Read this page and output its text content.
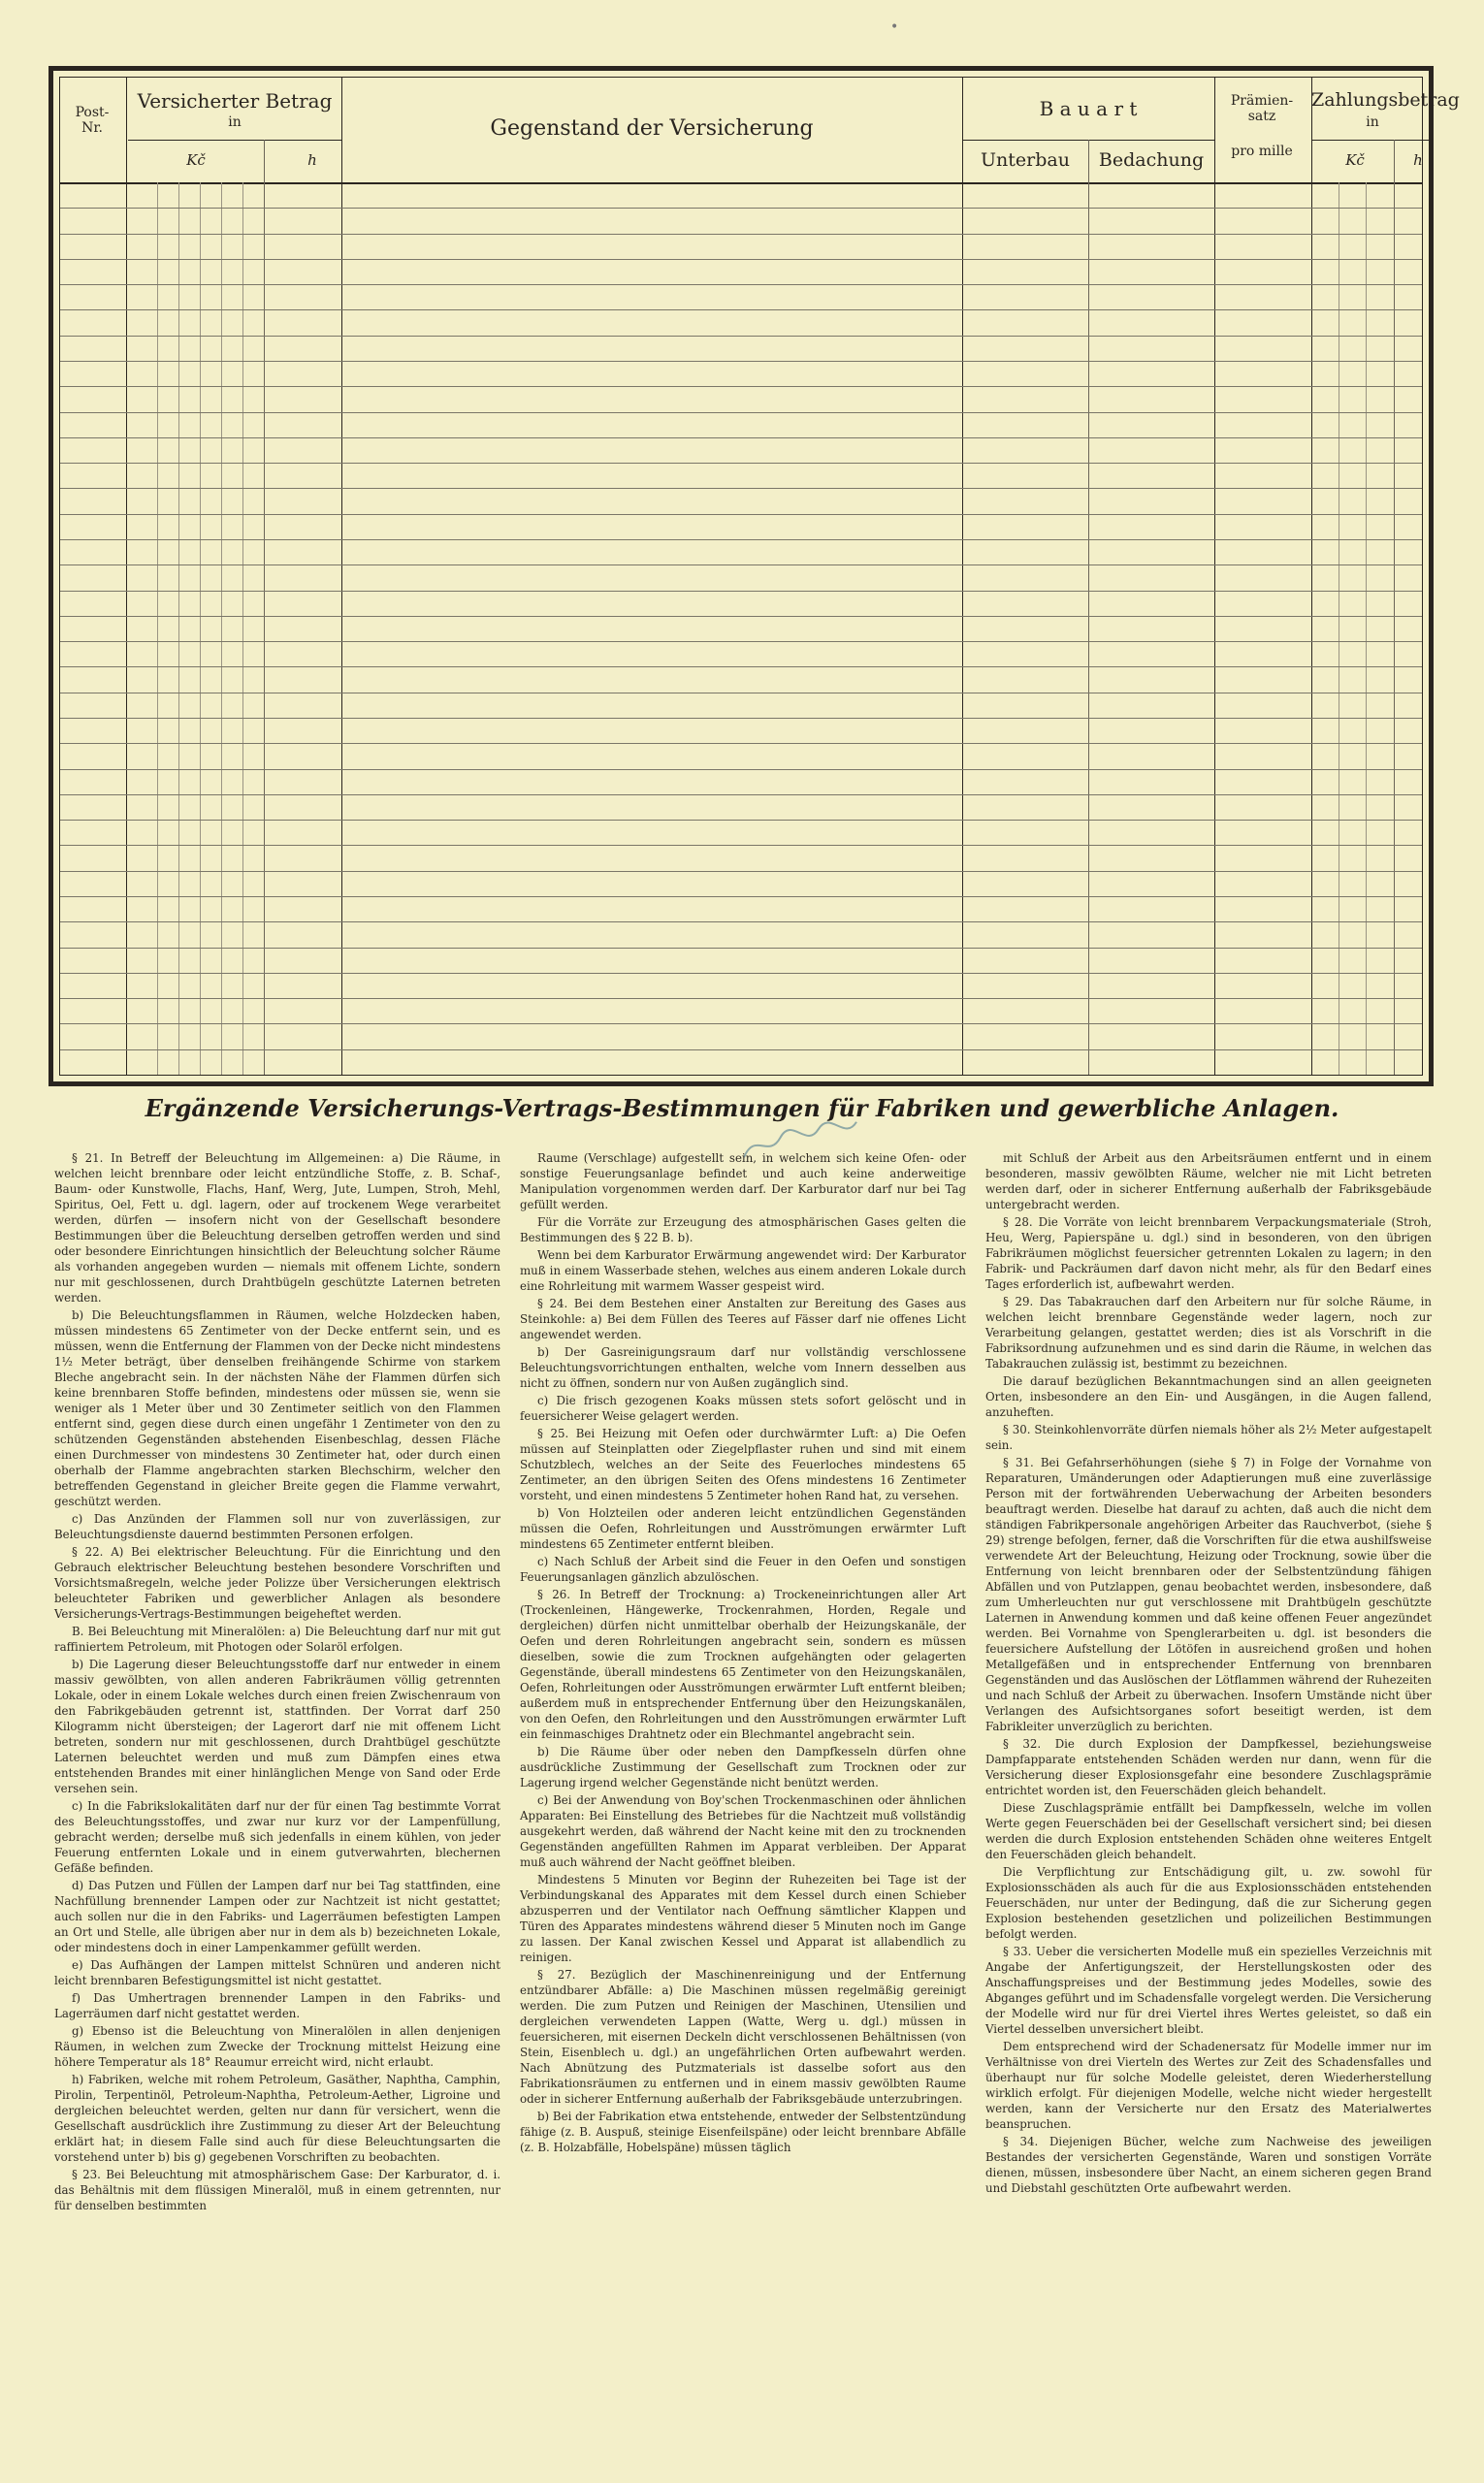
•
Post-
Nr.
Versicherter Betrag
in
Kč	h
Gegenstand der Versicherung
B a u a r t
Unterbau	Bedachung
Prämien-
satz
pro mille
Zahlungsbetrag
in
Kč	h
Ergänzende Versicherungs-Vertrags-Bestimmungen für Fabriken und gewerbliche Anlagen.

§ 21. In Betreff der Beleuchtung im Allgemeinen: a) Die Räume, in welchen leicht brennbare oder leicht entzündliche Stoffe, z. B. Schaf-, Baum- oder Kunstwolle, Flachs, Hanf, Werg, Jute, Lumpen, Stroh, Mehl, Spiritus, Oel, Fett u. dgl. lagern, oder auf trockenem Wege verarbeitet werden, dürfen — insofern nicht von der Gesellschaft besondere Bestimmungen über die Beleuchtung derselben getroffen werden und sind oder besondere Einrichtungen hinsichtlich der Beleuchtung solcher Räume als vorhanden angegeben wurden — niemals mit offenem Lichte, sondern nur mit geschlossenen, durch Drahtbügeln geschützte Laternen betreten werden.

b) Die Beleuchtungsflammen in Räumen, welche Holzdecken haben, müssen mindestens 65 Zentimeter von der Decke entfernt sein, und es müssen, wenn die Entfernung der Flammen von der Decke nicht mindestens 1½ Meter beträgt, über denselben freihängende Schirme von starkem Bleche angebracht sein. In der nächsten Nähe der Flammen dürfen sich keine brennbaren Stoffe befinden, mindestens oder müssen sie, wenn sie weniger als 1 Meter über und 30 Zentimeter seitlich von den Flammen entfernt sind, gegen diese durch einen ungefähr 1 Zentimeter von den zu schützenden Gegenständen abstehenden Eisenbeschlag, dessen Fläche einen Durchmesser von mindestens 30 Zentimeter hat, oder durch einen oberhalb der Flamme angebrachten starken Blechschirm, welcher den betreffenden Gegenstand in gleicher Breite gegen die Flamme verwahrt, geschützt werden.

c) Das Anzünden der Flammen soll nur von zuverlässigen, zur Beleuchtungsdienste dauernd bestimmten Personen erfolgen.

§ 22. A) Bei elektrischer Beleuchtung. Für die Einrichtung und den Gebrauch elektrischer Beleuchtung bestehen besondere Vorschriften und Vorsichtsmaßregeln, welche jeder Polizze über Versicherungen elektrisch beleuchteter Fabriken und gewerblicher Anlagen als besondere Versicherungs-Vertrags-Bestimmungen beigeheftet werden.

B. Bei Beleuchtung mit Mineralölen: a) Die Beleuchtung darf nur mit gut raffiniertem Petroleum, mit Photogen oder Solaröl erfolgen.

b) Die Lagerung dieser Beleuchtungsstoffe darf nur entweder in einem massiv gewölbten, von allen anderen Fabrikräumen völlig getrennten Lokale, oder in einem Lokale welches durch einen freien Zwischenraum von den Fabrikgebäuden getrennt ist, stattfinden. Der Vorrat darf 250 Kilogramm nicht übersteigen; der Lagerort darf nie mit offenem Licht betreten, sondern nur mit geschlossenen, durch Drahtbügel geschützte Laternen beleuchtet werden und muß zum Dämpfen eines etwa entstehenden Brandes mit einer hinlänglichen Menge von Sand oder Erde versehen sein.

c) In die Fabrikslokalitäten darf nur der für einen Tag bestimmte Vorrat des Beleuchtungsstoffes, und zwar nur kurz vor der Lampenfüllung, gebracht werden; derselbe muß sich jedenfalls in einem kühlen, von jeder Feuerung entfernten Lokale und in einem gutverwahrten, blechernen Gefäße befinden.

d) Das Putzen und Füllen der Lampen darf nur bei Tag stattfinden, eine Nachfüllung brennender Lampen oder zur Nachtzeit ist nicht gestattet; auch sollen nur die in den Fabriks- und Lagerräumen befestigten Lampen an Ort und Stelle, alle übrigen aber nur in dem als b) bezeichneten Lokale, oder mindestens doch in einer Lampenkammer gefüllt werden.

e) Das Aufhängen der Lampen mittelst Schnüren und anderen nicht leicht brennbaren Befestigungsmittel ist nicht gestattet.

f) Das Umhertragen brennender Lampen in den Fabriks- und Lagerräumen darf nicht gestattet werden.

g) Ebenso ist die Beleuchtung von Mineralölen in allen denjenigen Räumen, in welchen zum Zwecke der Trocknung mittelst Heizung eine höhere Temperatur als 18° Reaumur erreicht wird, nicht erlaubt.

h) Fabriken, welche mit rohem Petroleum, Gasäther, Naphtha, Camphin, Pirolin, Terpentinöl, Petroleum-Naphtha, Petroleum-Aether, Ligroine und dergleichen beleuchtet werden, gelten nur dann für versichert, wenn die Gesellschaft ausdrücklich ihre Zustimmung zu dieser Art der Beleuchtung erklärt hat; in diesem Falle sind auch für diese Beleuchtungsarten die vorstehend unter b) bis g) gegebenen Vorschriften zu beobachten.

§ 23. Bei Beleuchtung mit atmosphärischem Gase: Der Karburator, d. i. das Behältnis mit dem flüssigen Mineralöl, muß in einem getrennten, nur für denselben bestimmten

Raume (Verschlage) aufgestellt sein, in welchem sich keine Ofen- oder sonstige Feuerungsanlage befindet und auch keine anderweitige Manipulation vorgenommen werden darf. Der Karburator darf nur bei Tag gefüllt werden.

Für die Vorräte zur Erzeugung des atmosphärischen Gases gelten die Bestimmungen des § 22 B. b).

Wenn bei dem Karburator Erwärmung angewendet wird: Der Karburator muß in einem Wasserbade stehen, welches aus einem anderen Lokale durch eine Rohrleitung mit warmem Wasser gespeist wird.

§ 24. Bei dem Bestehen einer Anstalten zur Bereitung des Gases aus Steinkohle: a) Bei dem Füllen des Teeres auf Fässer darf nie offenes Licht angewendet werden.

b) Der Gasreinigungsraum darf nur vollständig verschlossene Beleuchtungsvorrichtungen enthalten, welche vom Innern desselben aus nicht zu öffnen, sondern nur von Außen zugänglich sind.

c) Die frisch gezogenen Koaks müssen stets sofort gelöscht und in feuersicherer Weise gelagert werden.

§ 25. Bei Heizung mit Oefen oder durchwärmter Luft: a) Die Oefen müssen auf Steinplatten oder Ziegelpflaster ruhen und sind mit einem Schutzblech, welches an der Seite des Feuerloches mindestens 65 Zentimeter, an den übrigen Seiten des Ofens mindestens 16 Zentimeter vorsteht, und einen mindestens 5 Zentimeter hohen Rand hat, zu versehen.

b) Von Holzteilen oder anderen leicht entzündlichen Gegenständen müssen die Oefen, Rohrleitungen und Ausströmungen erwärmter Luft mindestens 65 Zentimeter entfernt bleiben.

c) Nach Schluß der Arbeit sind die Feuer in den Oefen und sonstigen Feuerungsanlagen gänzlich abzulöschen.

§ 26. In Betreff der Trocknung: a) Trockeneinrichtungen aller Art (Trockenleinen, Hängewerke, Trockenrahmen, Horden, Regale und dergleichen) dürfen nicht unmittelbar oberhalb der Heizungskanäle, der Oefen und deren Rohrleitungen angebracht sein, sondern es müssen dieselben, sowie die zum Trocknen aufgehängten oder gelagerten Gegenstände, überall mindestens 65 Zentimeter von den Heizungskanälen, Oefen, Rohrleitungen oder Ausströmungen erwärmter Luft entfernt bleiben; außerdem muß in entsprechender Entfernung über den Heizungskanälen, von den Oefen, den Rohrleitungen und den Ausströmungen erwärmter Luft ein feinmaschiges Drahtnetz oder ein Blechmantel angebracht sein.

b) Die Räume über oder neben den Dampfkesseln dürfen ohne ausdrückliche Zustimmung der Gesellschaft zum Trocknen oder zur Lagerung irgend welcher Gegenstände nicht benützt werden.

c) Bei der Anwendung von Boy'schen Trockenmaschinen oder ähnlichen Apparaten: Bei Einstellung des Betriebes für die Nachtzeit muß vollständig ausgekehrt werden, daß während der Nacht keine mit den zu trocknenden Gegenständen angefüllten Rahmen im Apparat verbleiben. Der Apparat muß auch während der Nacht geöffnet bleiben.

Mindestens 5 Minuten vor Beginn der Ruhezeiten bei Tage ist der Verbindungskanal des Apparates mit dem Kessel durch einen Schieber abzusperren und der Ventilator nach Oeffnung sämtlicher Klappen und Türen des Apparates mindestens während dieser 5 Minuten noch im Gange zu lassen. Der Kanal zwischen Kessel und Apparat ist allabendlich zu reinigen.

§ 27. Bezüglich der Maschinenreinigung und der Entfernung entzündbarer Abfälle: a) Die Maschinen müssen regelmäßig gereinigt werden. Die zum Putzen und Reinigen der Maschinen, Utensilien und dergleichen verwendeten Lappen (Watte, Werg u. dgl.) müssen in feuersicheren, mit eisernen Deckeln dicht verschlossenen Behältnissen (von Stein, Eisenblech u. dgl.) an ungefährlichen Orten aufbewahrt werden. Nach Abnützung des Putzmaterials ist dasselbe sofort aus den Fabrikationsräumen zu entfernen und in einem massiv gewölbten Raume oder in sicherer Entfernung außerhalb der Fabriksgebäude unterzubringen.

b) Bei der Fabrikation etwa entstehende, entweder der Selbstentzündung fähige (z. B. Auspuß, steinige Eisenfeilspäne) oder leicht brennbare Abfälle (z. B. Holzabfälle, Hobelspäne) müssen täglich

mit Schluß der Arbeit aus den Arbeitsräumen entfernt und in einem besonderen, massiv gewölbten Räume, welcher nie mit Licht betreten werden darf, oder in sicherer Entfernung außerhalb der Fabriksgebäude untergebracht werden.

§ 28. Die Vorräte von leicht brennbarem Verpackungsmateriale (Stroh, Heu, Werg, Papierspäne u. dgl.) sind in besonderen, von den übrigen Fabrikräumen möglichst feuersicher getrennten Lokalen zu lagern; in den Fabrik- und Packräumen darf davon nicht mehr, als für den Bedarf eines Tages erforderlich ist, aufbewahrt werden.

§ 29. Das Tabakrauchen darf den Arbeitern nur für solche Räume, in welchen leicht brennbare Gegenstände weder lagern, noch zur Verarbeitung gelangen, gestattet werden; dies ist als Vorschrift in die Fabriksordnung aufzunehmen und es sind darin die Räume, in welchen das Tabakrauchen zulässig ist, bestimmt zu bezeichnen.

Die darauf bezüglichen Bekanntmachungen sind an allen geeigneten Orten, insbesondere an den Ein- und Ausgängen, in die Augen fallend, anzuheften.

§ 30. Steinkohlenvorräte dürfen niemals höher als 2½ Meter aufgestapelt sein.

§ 31. Bei Gefahrserhöhungen (siehe § 7) in Folge der Vornahme von Reparaturen, Umänderungen oder Adaptierungen muß eine zuverlässige Person mit der fortwährenden Ueberwachung der Arbeiten besonders beauftragt werden. Dieselbe hat darauf zu achten, daß auch die nicht dem ständigen Fabrikpersonale angehörigen Arbeiter das Rauchverbot, (siehe § 29) strenge befolgen, ferner, daß die Vorschriften für die etwa aushilfsweise verwendete Art der Beleuchtung, Heizung oder Trocknung, sowie über die Entfernung von leicht brennbaren oder der Selbstentzündung fähigen Abfällen und von Putzlappen, genau beobachtet werden, insbesondere, daß zum Umherleuchten nur gut verschlossene mit Drahtbügeln geschützte Laternen in Anwendung kommen und daß keine offenen Feuer angezündet werden. Bei Vornahme von Spenglerarbeiten u. dgl. ist besonders die feuersichere Aufstellung der Lötöfen in ausreichend großen und hohen Metallgefäßen und in entsprechender Entfernung von brennbaren Gegenständen und das Auslöschen der Lötflammen während der Ruhezeiten und nach Schluß der Arbeit zu überwachen. Insofern Umstände nicht über Verlangen des Aufsichtsorganes sofort beseitigt werden, ist dem Fabrikleiter unverzüglich zu berichten.

§ 32. Die durch Explosion der Dampfkessel, beziehungsweise Dampfapparate entstehenden Schäden werden nur dann, wenn für die Versicherung dieser Explosionsgefahr eine besondere Zuschlagsprämie entrichtet worden ist, den Feuerschäden gleich behandelt.

Diese Zuschlagsprämie entfällt bei Dampfkesseln, welche im vollen Werte gegen Feuerschäden bei der Gesellschaft versichert sind; bei diesen werden die durch Explosion entstehenden Schäden ohne weiteres Entgelt den Feuerschäden gleich behandelt.

Die Verpflichtung zur Entschädigung gilt, u. zw. sowohl für Explosionsschäden als auch für die aus Explosionsschäden entstehenden Feuerschäden, nur unter der Bedingung, daß die zur Sicherung gegen Explosion bestehenden gesetzlichen und polizeilichen Bestimmungen befolgt werden.

§ 33. Ueber die versicherten Modelle muß ein spezielles Verzeichnis mit Angabe der Anfertigungszeit, der Herstellungskosten oder des Anschaffungspreises und der Bestimmung jedes Modelles, sowie des Abganges geführt und im Schadensfalle vorgelegt werden. Die Versicherung der Modelle wird nur für drei Viertel ihres Wertes geleistet, so daß ein Viertel desselben unversichert bleibt.

Dem entsprechend wird der Schadenersatz für Modelle immer nur im Verhältnisse von drei Vierteln des Wertes zur Zeit des Schadensfalles und überhaupt nur für solche Modelle geleistet, deren Wiederherstellung wirklich erfolgt. Für diejenigen Modelle, welche nicht wieder hergestellt werden, kann der Versicherte nur den Ersatz des Materialwertes beanspruchen.

§ 34. Diejenigen Bücher, welche zum Nachweise des jeweiligen Bestandes der versicherten Gegenstände, Waren und sonstigen Vorräte dienen, müssen, insbesondere über Nacht, an einem sicheren gegen Brand und Diebstahl geschützten Orte aufbewahrt werden.
